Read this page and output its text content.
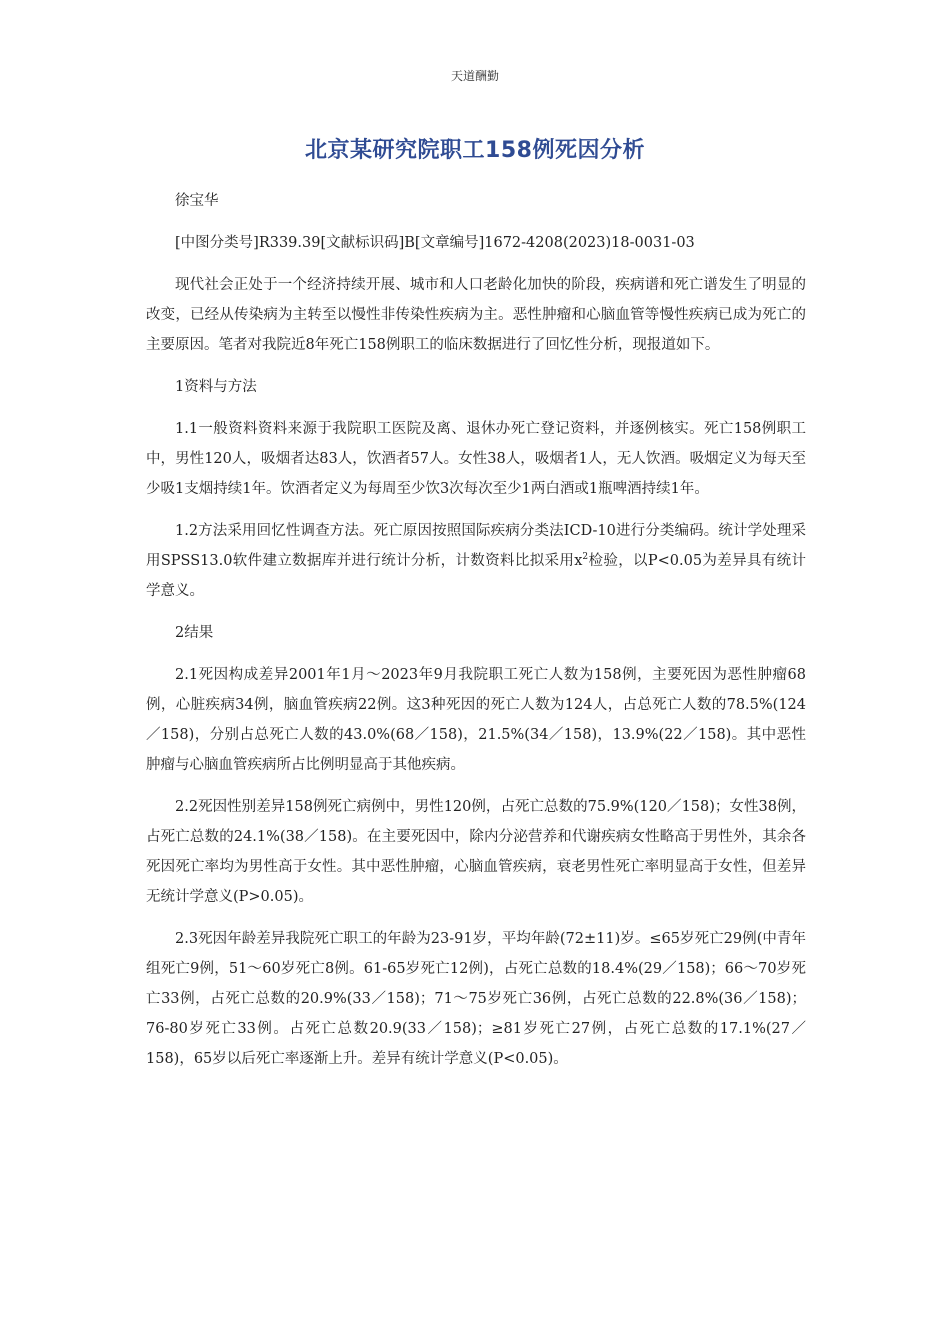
天道酬勤
北京某研究院职工158例死因分析

徐宝华

[中图分类号]R339.39[文献标识码]B[文章编号]1672-4208(2023)18-0031-03

现代社会正处于一个经济持续开展、城市和人口老龄化加快的阶段，疾病谱和死亡谱发生了明显的改变，已经从传染病为主转至以慢性非传染性疾病为主。恶性肿瘤和心脑血管等慢性疾病已成为死亡的主要原因。笔者对我院近8年死亡158例职工的临床数据进行了回忆性分析，现报道如下。

1资料与方法

1.1一般资料资料来源于我院职工医院及离、退休办死亡登记资料，并逐例核实。死亡158例职工中，男性120人，吸烟者达83人，饮酒者57人。女性38人，吸烟者1人，无人饮酒。吸烟定义为每天至少吸1支烟持续1年。饮酒者定义为每周至少饮3次每次至少1两白酒或1瓶啤酒持续1年。

1.2方法采用回忆性调查方法。死亡原因按照国际疾病分类法ICD-10进行分类编码。统计学处理采用SPSS13.0软件建立数据库并进行统计分析，计数资料比拟采用$x^2$检验，以P<0.05为差异具有统计学意义。

2结果

2.1死因构成差异2001年1月～2023年9月我院职工死亡人数为158例，主要死因为恶性肿瘤68例，心脏疾病34例，脑血管疾病22例。这3种死因的死亡人数为124人，占总死亡人数的78.5%(124／158)，分别占总死亡人数的43.0%(68／158)，21.5%(34／158)，13.9%(22／158)。其中恶性肿瘤与心脑血管疾病所占比例明显高于其他疾病。

2.2死因性别差异158例死亡病例中，男性120例，占死亡总数的75.9%(120／158)；女性38例，占死亡总数的24.1%(38／158)。在主要死因中，除内分泌营养和代谢疾病女性略高于男性外，其余各死因死亡率均为男性高于女性。其中恶性肿瘤，心脑血管疾病，衰老男性死亡率明显高于女性，但差异无统计学意义(P>0.05)。

2.3死因年龄差异我院死亡职工的年龄为23-91岁，平均年龄(72±11)岁。≤65岁死亡29例(中青年组死亡9例，51～60岁死亡8例。61-65岁死亡12例)，占死亡总数的18.4%(29／158)；66～70岁死亡33例，占死亡总数的20.9%(33／158)；71～75岁死亡36例，占死亡总数的22.8%(36／158)；76-80岁死亡33例。占死亡总数20.9(33／158)；≥81岁死亡27例，占死亡总数的17.1%(27／158)，65岁以后死亡率逐渐上升。差异有统计学意义(P<0.05)。
